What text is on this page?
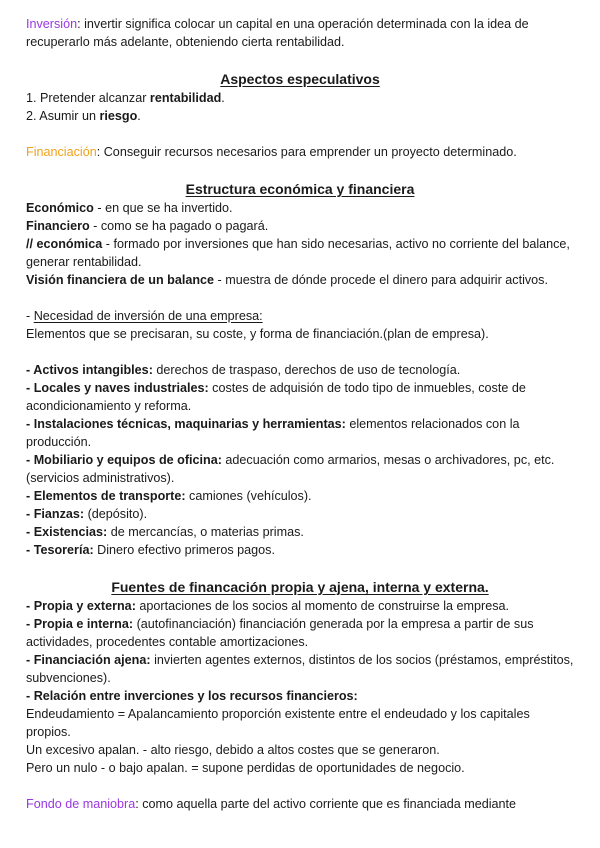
Inversión: invertir significa colocar un capital en una operación determinada con la idea de recuperarlo más adelante, obteniendo cierta rentabilidad.

Aspectos especulativos

1. Pretender alcanzar rentabilidad.

2. Asumir un riesgo.

Financiación: Conseguir recursos necesarios para emprender un proyecto determinado.

Estructura económica y financiera

Económico - en que se ha invertido.

Financiero - como se ha pagado o pagará.

// económica - formado por inversiones que han sido necesarias, activo no corriente del balance, generar rentabilidad.

Visión financiera de un balance - muestra de dónde procede el dinero para adquirir activos.

- Necesidad de inversión de una empresa:

Elementos que se precisaran, su coste, y forma de financiación.(plan de empresa).

- Activos intangibles: derechos de traspaso, derechos de uso de tecnología.

- Locales y naves industriales: costes de adquisión de todo tipo de inmuebles, coste de acondicionamiento y reforma.

- Instalaciones técnicas, maquinarias y herramientas: elementos relacionados con la producción.

- Mobiliario y equipos de oficina: adecuación como armarios, mesas o archivadores, pc, etc. (servicios administrativos).

- Elementos de transporte: camiones (vehículos).

- Fianzas: (depósito).

- Existencias: de mercancías, o materias primas.

- Tesorería: Dinero efectivo primeros pagos.

Fuentes de financación propia y ajena, interna y externa.

- Propia y externa: aportaciones de los socios al momento de construirse la empresa.

- Propia e interna: (autofinanciación) financiación generada por la empresa a partir de sus actividades, procedentes contable amortizaciones.

- Financiación ajena: invierten agentes externos, distintos de los socios (préstamos, empréstitos, subvenciones).

- Relación entre inverciones y los recursos financieros:

Endeudamiento = Apalancamiento proporción existente entre el endeudado y los capitales propios.

Un excesivo apalan. - alto riesgo, debido a altos costes que se generaron.

Pero un nulo - o bajo apalan. = supone perdidas de oportunidades de negocio.

Fondo de maniobra: como aquella parte del activo corriente que es financiada mediante
